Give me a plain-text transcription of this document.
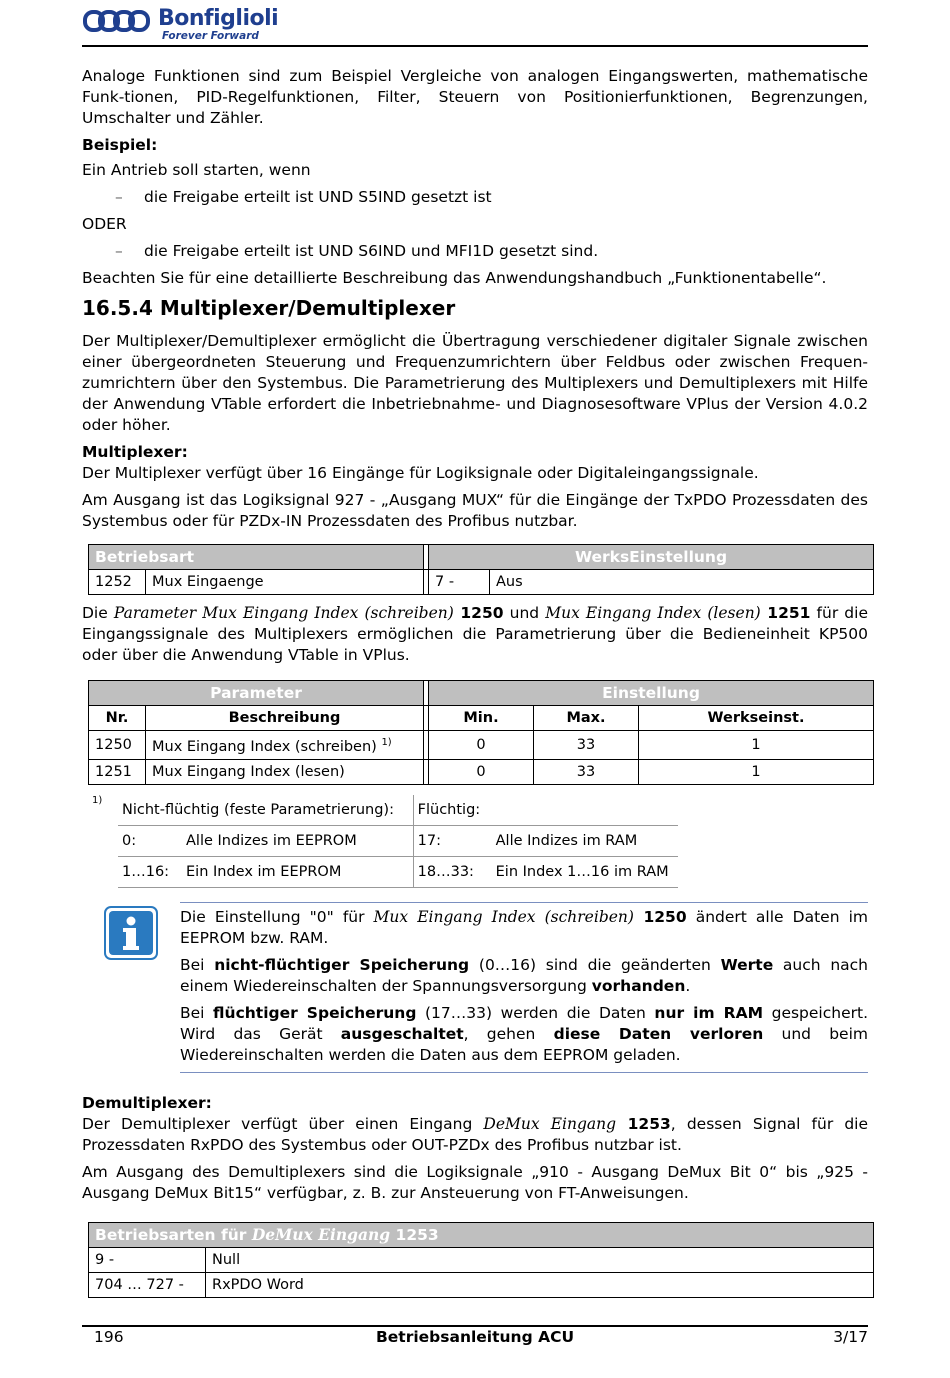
Bonfiglioli
Forever Forward

Analoge Funktionen sind zum Beispiel Vergleiche von analogen Eingangswerten, mathematische Funk-tionen, PID-Regelfunktionen, Filter, Steuern von Positionierfunktionen, Begrenzungen, Umschalter und Zähler.

Beispiel:

Ein Antrieb soll starten, wenn

– die Freigabe erteilt ist UND S5IND gesetzt ist

ODER

– die Freigabe erteilt ist UND S6IND und MFI1D gesetzt sind.

Beachten Sie für eine detaillierte Beschreibung das Anwendungshandbuch „Funktionentabelle“.

16.5.4 Multiplexer/Demultiplexer

Der Multiplexer/Demultiplexer ermöglicht die Übertragung verschiedener digitaler Signale zwischen einer übergeordneten Steuerung und Frequenzumrichtern über Feldbus oder zwischen Frequen-zumrichtern über den Systembus. Die Parametrierung des Multiplexers und Demultiplexers mit Hilfe der Anwendung VTable erfordert die Inbetriebnahme- und Diagnosesoftware VPlus der Version 4.0.2 oder höher.

Multiplexer:

Der Multiplexer verfügt über 16 Eingänge für Logiksignale oder Digitaleingangssignale.

Am Ausgang ist das Logiksignal 927 - „Ausgang MUX“ für die Eingänge der TxPDO Prozessdaten des Systembus oder für PZDx-IN Prozessdaten des Profibus nutzbar.

Betriebsart			WerksEinstellung	
1252	Mux Eingaenge		7 -	Aus

Die Parameter Mux Eingang Index (schreiben) 1250 und Mux Eingang Index (lesen) 1251 für die Eingangssignale des Multiplexers ermöglichen die Parametrierung über die Bedieneinheit KP500 oder über die Anwendung VTable in VPlus.

Parameter			Einstellung		
Nr.	Beschreibung		Min.	Max.	Werkseinst.
1250	Mux Eingang Index (schreiben) $^{1)}$		0	33	1
1251	Mux Eingang Index (lesen)		0	33	1
1)
Nicht-flüchtig (feste Parametrierung):		Flüchtig:	
0:	Alle Indizes im EEPROM	17:	Alle Indizes im RAM
1…16:	Ein Index im EEPROM	18…33:	Ein Index 1…16 im RAM

Die Einstellung "0" für Mux Eingang Index (schreiben) 1250 ändert alle Daten im EEPROM bzw. RAM.

Bei nicht-flüchtiger Speicherung (0…16) sind die geänderten Werte auch nach einem Wiedereinschalten der Spannungsversorgung vorhanden.

Bei flüchtiger Speicherung (17…33) werden die Daten nur im RAM gespeichert. Wird das Gerät ausgeschaltet, gehen diese Daten verloren und beim Wiedereinschalten werden die Daten aus dem EEPROM geladen.

Demultiplexer:

Der Demultiplexer verfügt über einen Eingang DeMux Eingang 1253, dessen Signal für die Prozessdaten RxPDO des Systembus oder OUT-PZDx des Profibus nutzbar ist.

Am Ausgang des Demultiplexers sind die Logiksignale „910 - Ausgang DeMux Bit 0“ bis „925 - Ausgang DeMux Bit15“ verfügbar, z. B. zur Ansteuerung von FT-Anweisungen.

Betriebsarten für DeMux Eingang 1253	
9 -	Null
704 … 727 -	RxPDO Word
196	Betriebsanleitung ACU	3/17
